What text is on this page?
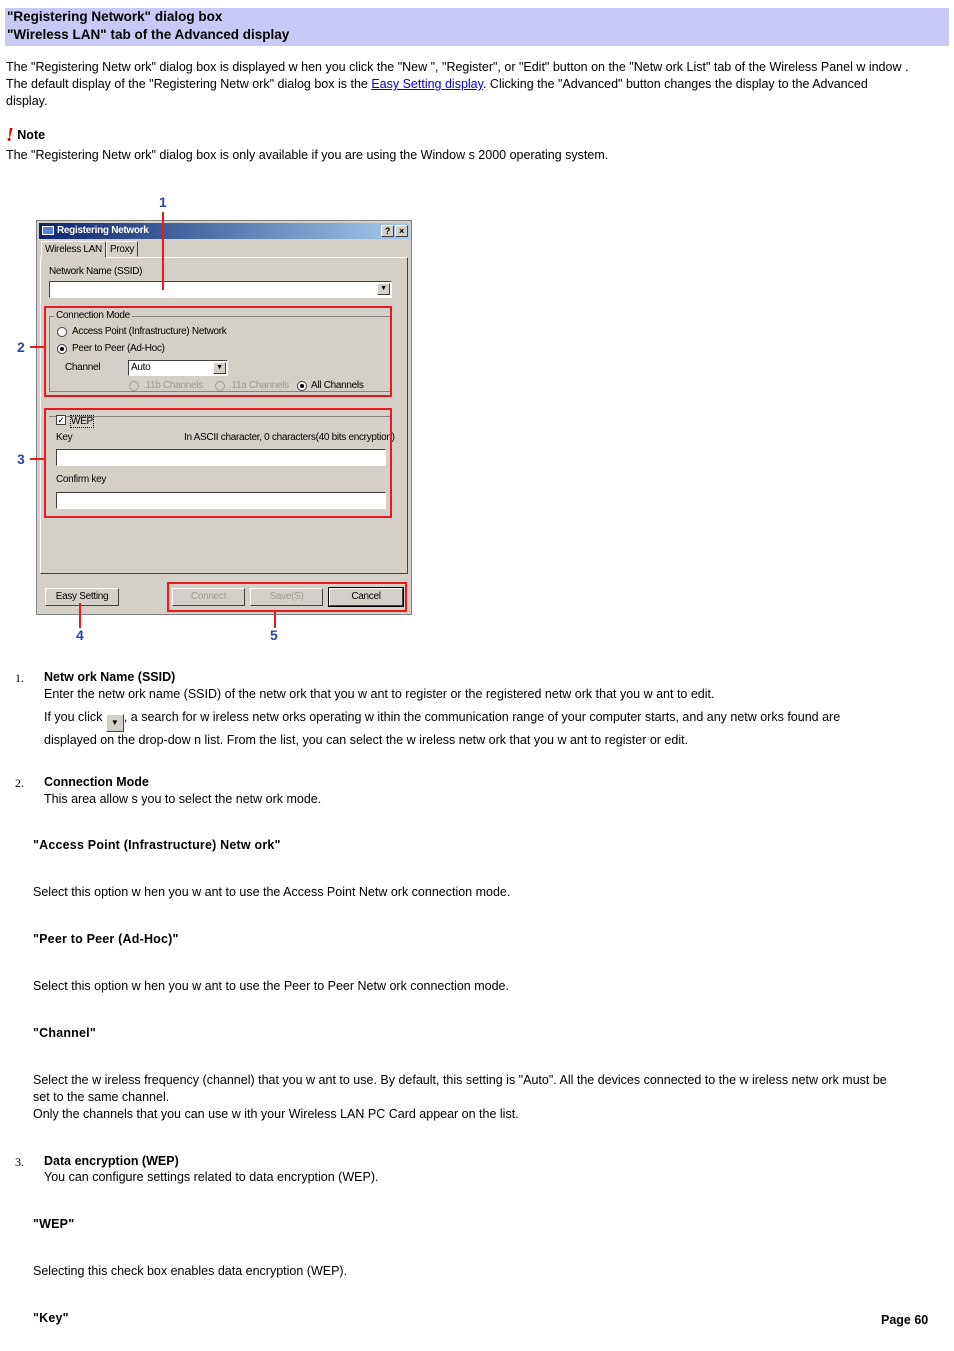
"Registering Network" dialog box
"Wireless LAN" tab of the Advanced display
The "Registering Netw ork" dialog box is displayed w hen you click the "New ", "Register", or "Edit" button on the "Netw ork List" tab of the Wireless Panel w indow .
The default display of the "Registering Netw ork" dialog box is the Easy Setting display. Clicking the "Advanced" button changes the display to the Advanced
display.
! Note
The "Registering Netw ork" dialog box is only available if you are using the Window s 2000 operating system.
Registering Network	? ×
Wireless LAN Proxy
Network Name (SSID)
▼
Connection Mode
Access Point (Infrastructure) Network
Peer to Peer (Ad-Hoc)
Channel	Auto	▼
.11b Channels	.11a Channels All Channels
✓ WEP
Key	In ASCII character, 0 characters(40 bits encryption)
Confirm key
Easy Setting	Connect	Save(S)	Cancel
1
2
3
4	5
1. Netw ork Name (SSID)
Enter the netw ork name (SSID) of the netw ork that you w ant to register or the registered netw ork that you w ant to edit.
If you click ▼ , a search for w ireless netw orks operating w ithin the communication range of your computer starts, and any netw orks found are
displayed on the drop-dow n list. From the list, you can select the w ireless netw ork that you w ant to register or edit.
2. Connection Mode
This area allow s you to select the netw ork mode.
"Access Point (Infrastructure) Netw ork"
Select this option w hen you w ant to use the Access Point Netw ork connection mode.
"Peer to Peer (Ad-Hoc)"
Select this option w hen you w ant to use the Peer to Peer Netw ork connection mode.
"Channel"
Select the w ireless frequency (channel) that you w ant to use. By default, this setting is "Auto". All the devices connected to the w ireless netw ork must be
set to the same channel.
Only the channels that you can use w ith your Wireless LAN PC Card appear on the list.
3. Data encryption (WEP)
You can configure settings related to data encryption (WEP).
"WEP"
Selecting this check box enables data encryption (WEP).
"Key"	Page 60
